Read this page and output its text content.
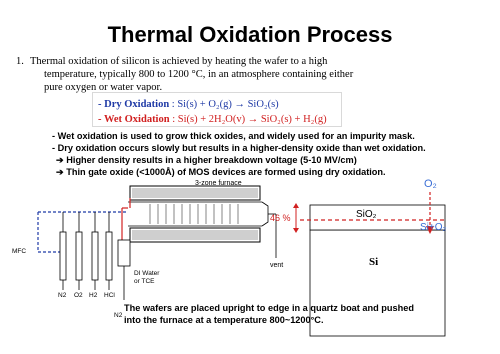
Thermal Oxidation Process
1. Thermal oxidation of silicon is achieved by heating the wafer to a high
temperature, typically 800 to 1200 °C, in an atmosphere containing either
pure oxygen or water vapor.
- Dry Oxidation : Si(s) + O₂(g) → SiO₂(s)
- Wet Oxidation : Si(s) + 2H₂O(v) → SiO₂(s) + H₂(g)
- Wet oxidation is used to grow thick oxides, and widely used for an impurity mask.
- Dry oxidation occurs slowly but results in a higher-density oxide than wet oxidation.
➔ Higher density results in a higher breakdown voltage (5-10 MV/cm)
➔ Thin gate oxide (<1000Å) of MOS devices are formed using dry oxidation.
3-zone furnace
MFC
N2 O2 H2 HCl
N2
DI Water
or TCE
vent
O₂
SiO₂
46 %
Si+O₂
Si
The wafers are placed upright to edge in a quartz boat and pushed
into the furnace at a temperature 800~1200°C.
